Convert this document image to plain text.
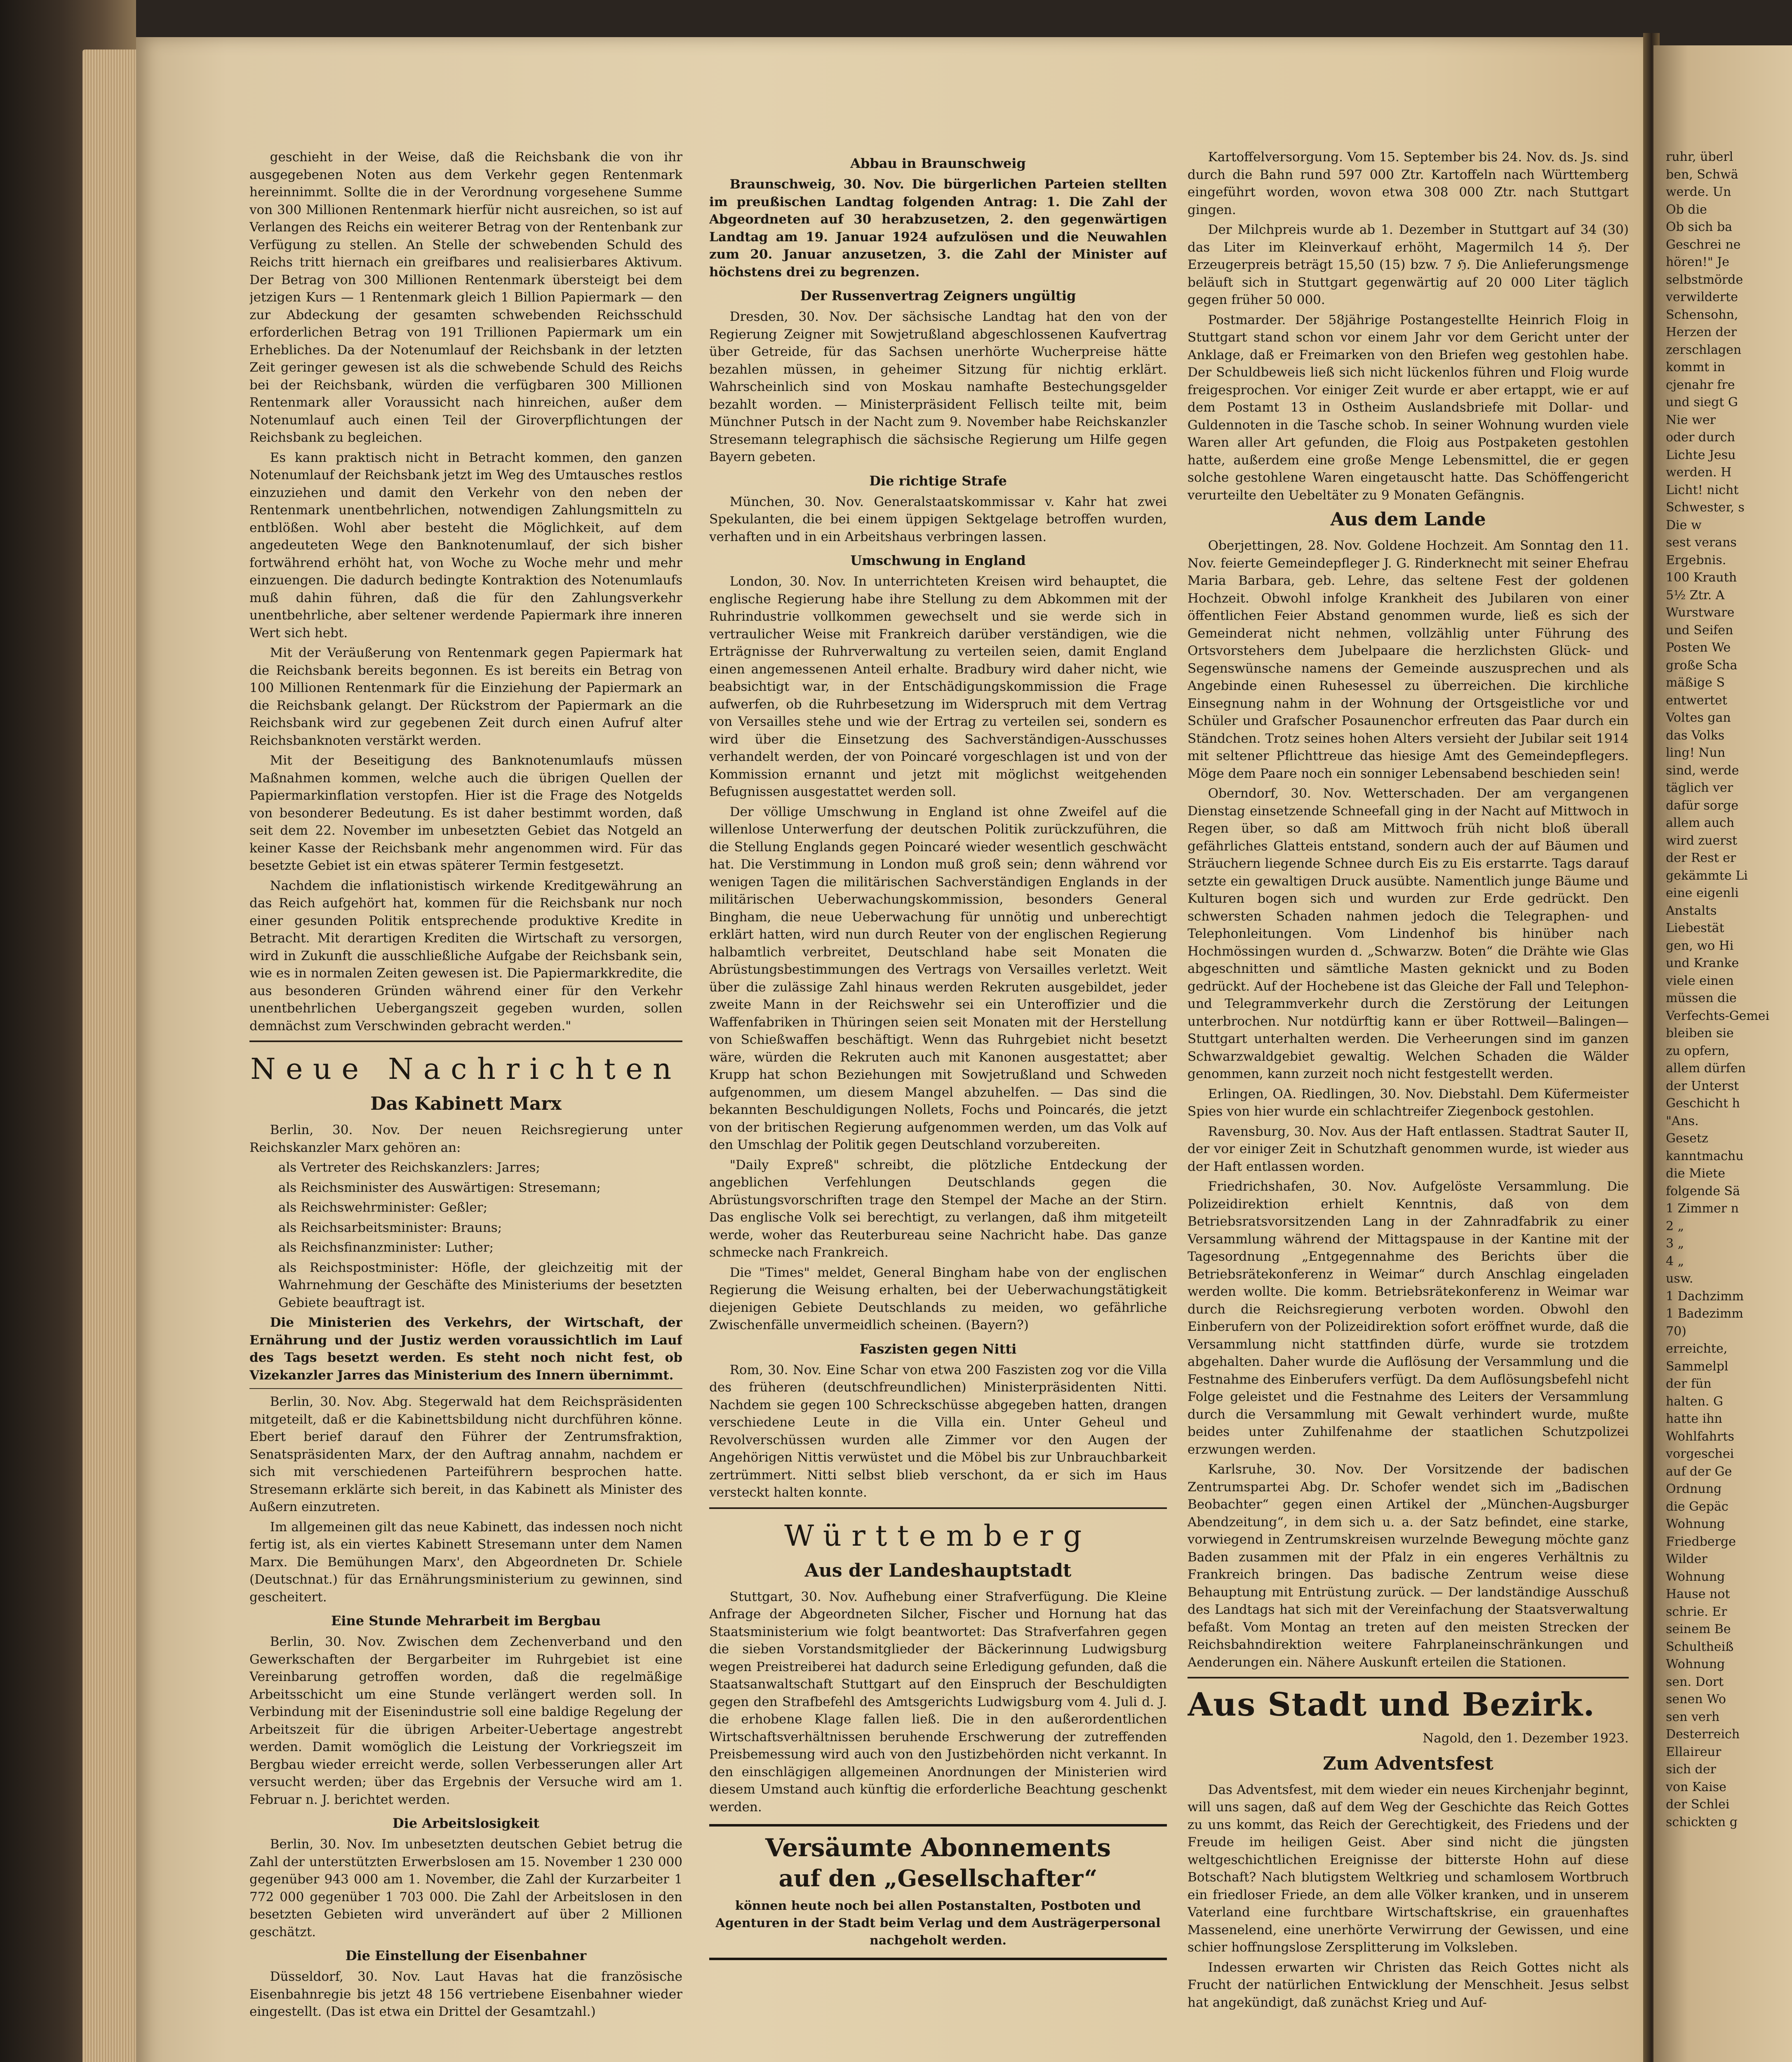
geschieht in der Weise, daß die Reichsbank die von ihr ausgegebenen Noten aus dem Verkehr gegen Rentenmark hereinnimmt. Sollte die in der Verordnung vorgesehene Summe von 300 Millionen Rentenmark hierfür nicht ausreichen, so ist auf Verlangen des Reichs ein weiterer Betrag von der Rentenbank zur Verfügung zu stellen. An Stelle der schwebenden Schuld des Reichs tritt hiernach ein greifbares und realisierbares Aktivum. Der Betrag von 300 Millionen Rentenmark übersteigt bei dem jetzigen Kurs — 1 Rentenmark gleich 1 Billion Papiermark — den zur Abdeckung der gesamten schwebenden Reichsschuld erforderlichen Betrag von 191 Trillionen Papiermark um ein Erhebliches. Da der Notenumlauf der Reichsbank in der letzten Zeit geringer gewesen ist als die schwebende Schuld des Reichs bei der Reichsbank, würden die verfügbaren 300 Millionen Rentenmark aller Voraussicht nach hinreichen, außer dem Notenumlauf auch einen Teil der Giroverpflichtungen der Reichsbank zu begleichen.

Es kann praktisch nicht in Betracht kommen, den ganzen Notenumlauf der Reichsbank jetzt im Weg des Umtausches restlos einzuziehen und damit den Verkehr von den neben der Rentenmark unentbehrlichen, notwendigen Zahlungsmitteln zu entblößen. Wohl aber besteht die Möglichkeit, auf dem angedeuteten Wege den Banknotenumlauf, der sich bisher fortwährend erhöht hat, von Woche zu Woche mehr und mehr einzuengen. Die dadurch bedingte Kontraktion des Notenumlaufs muß dahin führen, daß die für den Zahlungsverkehr unentbehrliche, aber seltener werdende Papiermark ihre inneren Wert sich hebt.

Mit der Veräußerung von Rentenmark gegen Papiermark hat die Reichsbank bereits begonnen. Es ist bereits ein Betrag von 100 Millionen Rentenmark für die Einziehung der Papiermark an die Reichsbank gelangt. Der Rückstrom der Papiermark an die Reichsbank wird zur gegebenen Zeit durch einen Aufruf alter Reichsbanknoten verstärkt werden.

Mit der Beseitigung des Banknotenumlaufs müssen Maßnahmen kommen, welche auch die übrigen Quellen der Papiermarkinflation verstopfen. Hier ist die Frage des Notgelds von besonderer Bedeutung. Es ist daher bestimmt worden, daß seit dem 22. November im unbesetzten Gebiet das Notgeld an keiner Kasse der Reichsbank mehr angenommen wird. Für das besetzte Gebiet ist ein etwas späterer Termin festgesetzt.

Nachdem die inflationistisch wirkende Kreditgewährung an das Reich aufgehört hat, kommen für die Reichsbank nur noch einer gesunden Politik entsprechende produktive Kredite in Betracht. Mit derartigen Krediten die Wirtschaft zu versorgen, wird in Zukunft die ausschließliche Aufgabe der Reichsbank sein, wie es in normalen Zeiten gewesen ist. Die Papiermarkkredite, die aus besonderen Gründen während einer für den Verkehr unentbehrlichen Uebergangszeit gegeben wurden, sollen demnächst zum Verschwinden gebracht werden."

Neue Nachrichten
Das Kabinett Marx

Berlin, 30. Nov. Der neuen Reichsregierung unter Reichskanzler Marx gehören an:

als Vertreter des Reichskanzlers: Jarres;

als Reichsminister des Auswärtigen: Stresemann;

als Reichswehrminister: Geßler;

als Reichsarbeitsminister: Brauns;

als Reichsfinanzminister: Luther;

als Reichspostminister: Höfle, der gleichzeitig mit der Wahrnehmung der Geschäfte des Ministeriums der besetzten Gebiete beauftragt ist.

Die Ministerien des Verkehrs, der Wirtschaft, der Ernährung und der Justiz werden voraussichtlich im Lauf des Tags besetzt werden. Es steht noch nicht fest, ob Vizekanzler Jarres das Ministerium des Innern übernimmt.

Berlin, 30. Nov. Abg. Stegerwald hat dem Reichspräsidenten mitgeteilt, daß er die Kabinettsbildung nicht durchführen könne. Ebert berief darauf den Führer der Zentrumsfraktion, Senatspräsidenten Marx, der den Auftrag annahm, nachdem er sich mit verschiedenen Parteiführern besprochen hatte. Stresemann erklärte sich bereit, in das Kabinett als Minister des Außern einzutreten.

Im allgemeinen gilt das neue Kabinett, das indessen noch nicht fertig ist, als ein viertes Kabinett Stresemann unter dem Namen Marx. Die Bemühungen Marx', den Abgeordneten Dr. Schiele (Deutschnat.) für das Ernährungsministerium zu gewinnen, sind gescheitert.

Eine Stunde Mehrarbeit im Bergbau

Berlin, 30. Nov. Zwischen dem Zechenverband und den Gewerkschaften der Bergarbeiter im Ruhrgebiet ist eine Vereinbarung getroffen worden, daß die regelmäßige Arbeitsschicht um eine Stunde verlängert werden soll. In Verbindung mit der Eisenindustrie soll eine baldige Regelung der Arbeitszeit für die übrigen Arbeiter-Uebertage angestrebt werden. Damit womöglich die Leistung der Vorkriegszeit im Bergbau wieder erreicht werde, sollen Verbesserungen aller Art versucht werden; über das Ergebnis der Versuche wird am 1. Februar n. J. berichtet werden.

Die Arbeitslosigkeit

Berlin, 30. Nov. Im unbesetzten deutschen Gebiet betrug die Zahl der unterstützten Erwerbslosen am 15. November 1 230 000 gegenüber 943 000 am 1. November, die Zahl der Kurzarbeiter 1 772 000 gegenüber 1 703 000. Die Zahl der Arbeitslosen in den besetzten Gebieten wird unverändert auf über 2 Millionen geschätzt.

Die Einstellung der Eisenbahner

Düsseldorf, 30. Nov. Laut Havas hat die französische Eisenbahnregie bis jetzt 48 156 vertriebene Eisenbahner wieder eingestellt. (Das ist etwa ein Drittel der Gesamtzahl.)

Abbau in Braunschweig

Braunschweig, 30. Nov. Die bürgerlichen Parteien stellten im preußischen Landtag folgenden Antrag: 1. Die Zahl der Abgeordneten auf 30 herabzusetzen, 2. den gegenwärtigen Landtag am 19. Januar 1924 aufzulösen und die Neuwahlen zum 20. Januar anzusetzen, 3. die Zahl der Minister auf höchstens drei zu begrenzen.

Der Russenvertrag Zeigners ungültig

Dresden, 30. Nov. Der sächsische Landtag hat den von der Regierung Zeigner mit Sowjetrußland abgeschlossenen Kaufvertrag über Getreide, für das Sachsen unerhörte Wucherpreise hätte bezahlen müssen, in geheimer Sitzung für nichtig erklärt. Wahrscheinlich sind von Moskau namhafte Bestechungsgelder bezahlt worden. — Ministerpräsident Fellisch teilte mit, beim Münchner Putsch in der Nacht zum 9. November habe Reichskanzler Stresemann telegraphisch die sächsische Regierung um Hilfe gegen Bayern gebeten.

Die richtige Strafe

München, 30. Nov. Generalstaatskommissar v. Kahr hat zwei Spekulanten, die bei einem üppigen Sektgelage betroffen wurden, verhaften und in ein Arbeitshaus verbringen lassen.

Umschwung in England

London, 30. Nov. In unterrichteten Kreisen wird behauptet, die englische Regierung habe ihre Stellung zu dem Abkommen mit der Ruhrindustrie vollkommen gewechselt und sie werde sich in vertraulicher Weise mit Frankreich darüber verständigen, wie die Erträgnisse der Ruhrverwaltung zu verteilen seien, damit England einen angemessenen Anteil erhalte. Bradbury wird daher nicht, wie beabsichtigt war, in der Entschädigungskommission die Frage aufwerfen, ob die Ruhrbesetzung im Widerspruch mit dem Vertrag von Versailles stehe und wie der Ertrag zu verteilen sei, sondern es wird über die Einsetzung des Sachverständigen-Ausschusses verhandelt werden, der von Poincaré vorgeschlagen ist und von der Kommission ernannt und jetzt mit möglichst weitgehenden Befugnissen ausgestattet werden soll.

Der völlige Umschwung in England ist ohne Zweifel auf die willenlose Unterwerfung der deutschen Politik zurückzuführen, die die Stellung Englands gegen Poincaré wieder wesentlich geschwächt hat. Die Verstimmung in London muß groß sein; denn während vor wenigen Tagen die militärischen Sachverständigen Englands in der militärischen Ueberwachungskommission, besonders General Bingham, die neue Ueberwachung für unnötig und unberechtigt erklärt hatten, wird nun durch Reuter von der englischen Regierung halbamtlich verbreitet, Deutschland habe seit Monaten die Abrüstungsbestimmungen des Vertrags von Versailles verletzt. Weit über die zulässige Zahl hinaus werden Rekruten ausgebildet, jeder zweite Mann in der Reichswehr sei ein Unteroffizier und die Waffenfabriken in Thüringen seien seit Monaten mit der Herstellung von Schießwaffen beschäftigt. Wenn das Ruhrgebiet nicht besetzt wäre, würden die Rekruten auch mit Kanonen ausgestattet; aber Krupp hat schon Beziehungen mit Sowjetrußland und Schweden aufgenommen, um diesem Mangel abzuhelfen. — Das sind die bekannten Beschuldigungen Nollets, Fochs und Poincarés, die jetzt von der britischen Regierung aufgenommen werden, um das Volk auf den Umschlag der Politik gegen Deutschland vorzubereiten.

"Daily Expreß" schreibt, die plötzliche Entdeckung der angeblichen Verfehlungen Deutschlands gegen die Abrüstungsvorschriften trage den Stempel der Mache an der Stirn. Das englische Volk sei berechtigt, zu verlangen, daß ihm mitgeteilt werde, woher das Reuterbureau seine Nachricht habe. Das ganze schmecke nach Frankreich.

Die "Times" meldet, General Bingham habe von der englischen Regierung die Weisung erhalten, bei der Ueberwachungstätigkeit diejenigen Gebiete Deutschlands zu meiden, wo gefährliche Zwischenfälle unvermeidlich scheinen. (Bayern?)

Faszisten gegen Nitti

Rom, 30. Nov. Eine Schar von etwa 200 Faszisten zog vor die Villa des früheren (deutschfreundlichen) Ministerpräsidenten Nitti. Nachdem sie gegen 100 Schreckschüsse abgegeben hatten, drangen verschiedene Leute in die Villa ein. Unter Geheul und Revolverschüssen wurden alle Zimmer vor den Augen der Angehörigen Nittis verwüstet und die Möbel bis zur Unbrauchbarkeit zertrümmert. Nitti selbst blieb verschont, da er sich im Haus versteckt halten konnte.

Württemberg
Aus der Landeshauptstadt

Stuttgart, 30. Nov. Aufhebung einer Strafverfügung. Die Kleine Anfrage der Abgeordneten Silcher, Fischer und Hornung hat das Staatsministerium wie folgt beantwortet: Das Strafverfahren gegen die sieben Vorstandsmitglieder der Bäckerinnung Ludwigsburg wegen Preistreiberei hat dadurch seine Erledigung gefunden, daß die Staatsanwaltschaft Stuttgart auf den Einspruch der Beschuldigten gegen den Strafbefehl des Amtsgerichts Ludwigsburg vom 4. Juli d. J. die erhobene Klage fallen ließ. Die in den außerordentlichen Wirtschaftsverhältnissen beruhende Erschwerung der zutreffenden Preisbemessung wird auch von den Justizbehörden nicht verkannt. In den einschlägigen allgemeinen Anordnungen der Ministerien wird diesem Umstand auch künftig die erforderliche Beachtung geschenkt werden.

Versäumte Abonnements
auf den „Gesellschafter“

können heute noch bei allen Postanstalten, Postboten und Agenturen in der Stadt beim Verlag und dem Austrägerpersonal nachgeholt werden.

Kartoffelversorgung. Vom 15. September bis 24. Nov. ds. Js. sind durch die Bahn rund 597 000 Ztr. Kartoffeln nach Württemberg eingeführt worden, wovon etwa 308 000 Ztr. nach Stuttgart gingen.

Der Milchpreis wurde ab 1. Dezember in Stuttgart auf 34 (30) das Liter im Kleinverkauf erhöht, Magermilch 14 ℌ. Der Erzeugerpreis beträgt 15,50 (15) bzw. 7 ℌ. Die Anlieferungsmenge beläuft sich in Stuttgart gegenwärtig auf 20 000 Liter täglich gegen früher 50 000.

Postmarder. Der 58jährige Postangestellte Heinrich Floig in Stuttgart stand schon vor einem Jahr vor dem Gericht unter der Anklage, daß er Freimarken von den Briefen weg gestohlen habe. Der Schuldbeweis ließ sich nicht lückenlos führen und Floig wurde freigesprochen. Vor einiger Zeit wurde er aber ertappt, wie er auf dem Postamt 13 in Ostheim Auslandsbriefe mit Dollar- und Guldennoten in die Tasche schob. In seiner Wohnung wurden viele Waren aller Art gefunden, die Floig aus Postpaketen gestohlen hatte, außerdem eine große Menge Lebensmittel, die er gegen solche gestohlene Waren eingetauscht hatte. Das Schöffengericht verurteilte den Uebeltäter zu 9 Monaten Gefängnis.

Aus dem Lande

Oberjettingen, 28. Nov. Goldene Hochzeit. Am Sonntag den 11. Nov. feierte Gemeindepfleger J. G. Rinderknecht mit seiner Ehefrau Maria Barbara, geb. Lehre, das seltene Fest der goldenen Hochzeit. Obwohl infolge Krankheit des Jubilaren von einer öffentlichen Feier Abstand genommen wurde, ließ es sich der Gemeinderat nicht nehmen, vollzählig unter Führung des Ortsvorstehers dem Jubelpaare die herzlichsten Glück- und Segenswünsche namens der Gemeinde auszusprechen und als Angebinde einen Ruhesessel zu überreichen. Die kirchliche Einsegnung nahm in der Wohnung der Ortsgeistliche vor und Schüler und Grafscher Posaunenchor erfreuten das Paar durch ein Ständchen. Trotz seines hohen Alters versieht der Jubilar seit 1914 mit seltener Pflichttreue das hiesige Amt des Gemeindepflegers. Möge dem Paare noch ein sonniger Lebensabend beschieden sein!

Oberndorf, 30. Nov. Wetterschaden. Der am vergangenen Dienstag einsetzende Schneefall ging in der Nacht auf Mittwoch in Regen über, so daß am Mittwoch früh nicht bloß überall gefährliches Glatteis entstand, sondern auch der auf Bäumen und Sträuchern liegende Schnee durch Eis zu Eis erstarrte. Tags darauf setzte ein gewaltigen Druck ausübte. Namentlich junge Bäume und Kulturen bogen sich und wurden zur Erde gedrückt. Den schwersten Schaden nahmen jedoch die Telegraphen- und Telephonleitungen. Vom Lindenhof bis hinüber nach Hochmössingen wurden d. „Schwarzw. Boten“ die Drähte wie Glas abgeschnitten und sämtliche Masten geknickt und zu Boden gedrückt. Auf der Hochebene ist das Gleiche der Fall und Telephon- und Telegrammverkehr durch die Zerstörung der Leitungen unterbrochen. Nur notdürftig kann er über Rottweil—Balingen—Stuttgart unterhalten werden. Die Verheerungen sind im ganzen Schwarzwaldgebiet gewaltig. Welchen Schaden die Wälder genommen, kann zurzeit noch nicht festgestellt werden.

Erlingen, OA. Riedlingen, 30. Nov. Diebstahl. Dem Küfermeister Spies von hier wurde ein schlachtreifer Ziegenbock gestohlen.

Ravensburg, 30. Nov. Aus der Haft entlassen. Stadtrat Sauter II, der vor einiger Zeit in Schutzhaft genommen wurde, ist wieder aus der Haft entlassen worden.

Friedrichshafen, 30. Nov. Aufgelöste Versammlung. Die Polizeidirektion erhielt Kenntnis, daß von dem Betriebsratsvorsitzenden Lang in der Zahnradfabrik zu einer Versammlung während der Mittagspause in der Kantine mit der Tagesordnung „Entgegennahme des Berichts über die Betriebsrätekonferenz in Weimar“ durch Anschlag eingeladen werden wollte. Die komm. Betriebsrätekonferenz in Weimar war durch die Reichsregierung verboten worden. Obwohl den Einberufern von der Polizeidirektion sofort eröffnet wurde, daß die Versammlung nicht stattfinden dürfe, wurde sie trotzdem abgehalten. Daher wurde die Auflösung der Versammlung und die Festnahme des Einberufers verfügt. Da dem Auflösungsbefehl nicht Folge geleistet und die Festnahme des Leiters der Versammlung durch die Versammlung mit Gewalt verhindert wurde, mußte beides unter Zuhilfenahme der staatlichen Schutzpolizei erzwungen werden.

Karlsruhe, 30. Nov. Der Vorsitzende der badischen Zentrumspartei Abg. Dr. Schofer wendet sich im „Badischen Beobachter“ gegen einen Artikel der „München-Augsburger Abendzeitung“, in dem sich u. a. der Satz befindet, eine starke, vorwiegend in Zentrumskreisen wurzelnde Bewegung möchte ganz Baden zusammen mit der Pfalz in ein engeres Verhältnis zu Frankreich bringen. Das badische Zentrum weise diese Behauptung mit Entrüstung zurück. — Der landständige Ausschuß des Landtags hat sich mit der Vereinfachung der Staatsverwaltung befaßt. Vom Montag an treten auf den meisten Strecken der Reichsbahndirektion weitere Fahrplaneinschränkungen und Aenderungen ein. Nähere Auskunft erteilen die Stationen.

Aus Stadt und Bezirk.
Nagold, den 1. Dezember 1923.
Zum Adventsfest

Das Adventsfest, mit dem wieder ein neues Kirchenjahr beginnt, will uns sagen, daß auf dem Weg der Geschichte das Reich Gottes zu uns kommt, das Reich der Gerechtigkeit, des Friedens und der Freude im heiligen Geist. Aber sind nicht die jüngsten weltgeschichtlichen Ereignisse der bitterste Hohn auf diese Botschaft? Nach blutigstem Weltkrieg und schamlosem Wortbruch ein friedloser Friede, an dem alle Völker kranken, und in unserem Vaterland eine furchtbare Wirtschaftskrise, ein grauenhaftes Massenelend, eine unerhörte Verwirrung der Gewissen, und eine schier hoffnungslose Zersplitterung im Volksleben.

Indessen erwarten wir Christen das Reich Gottes nicht als Frucht der natürlichen Entwicklung der Menschheit. Jesus selbst hat angekündigt, daß zunächst Krieg und Auf-

ruhr, überl
ben, Schwä
werde. Un
Ob die
Ob sich ba
Geschrei ne
hören!" Je
selbstmörde
verwilderte
Schensohn,
Herzen der
zerschlagen
kommt in
cjenahr fre
und siegt G
Nie wer
oder durch
Lichte Jesu
werden. H
Licht! nicht
Schwester, s
Die w
sest verans
Ergebnis.
100 Krauth
5½ Ztr. A
Wurstware
und Seifen
Posten We
große Scha
mäßige S
entwertet
Voltes gan
das Volks
ling! Nun
sind, werde
täglich ver
dafür sorge
allem auch
wird zuerst
der Rest er
gekämmte Li
eine eigenli
Anstalts
Liebestät
gen, wo Hi
und Kranke
viele einen
müssen die
Verfechts-Gemei
bleiben sie
zu opfern,
allem dürfen
der Unterst
Geschicht h
"Ans.
Gesetz
kanntmachu
die Miete
folgende Sä
1 Zimmer n
2 „
3 „
4 „
usw.
1 Dachzimm
1 Badezimm
70)
erreichte,
Sammelpl
der fün
halten. G
hatte ihn
Wohlfahrts
vorgeschei
auf der Ge
Ordnung
die Gepäc
Wohnung
Friedberge
Wilder
Wohnung
Hause not
schrie. Er
seinem Be
Schultheiß
Wohnung
sen. Dort
senen Wo
sen verh
Desterreich
Ellaireur
sich der
von Kaise
der Schlei
schickten g
